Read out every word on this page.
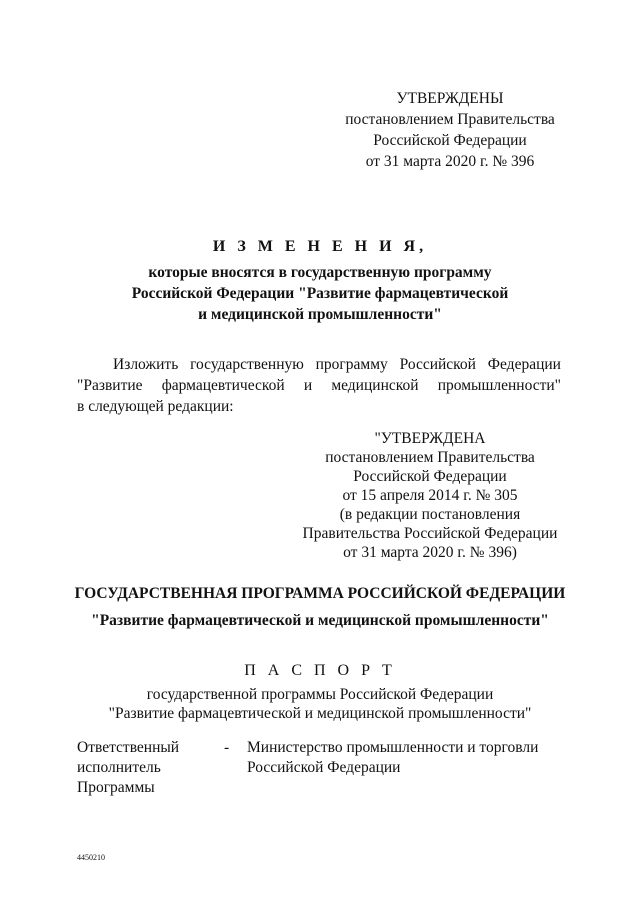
УТВЕРЖДЕНЫ
постановлением Правительства
Российской Федерации
от 31 марта 2020 г. № 396
И З М Е Н Е Н И Я,
которые вносятся в государственную программу
Российской Федерации "Развитие фармацевтической
и медицинской промышленности"
Изложить государственную программу Российской Федерации
"Развитие фармацевтической и медицинской промышленности"
в следующей редакции:
"УТВЕРЖДЕНА
постановлением Правительства
Российской Федерации
от 15 апреля 2014 г. № 305
(в редакции постановления
Правительства Российской Федерации
от 31 марта 2020 г. № 396)
ГОСУДАРСТВЕННАЯ ПРОГРАММА РОССИЙСКОЙ ФЕДЕРАЦИИ
"Развитие фармацевтической и медицинской промышленности"
П А С П О Р Т
государственной программы Российской Федерации
"Развитие фармацевтической и медицинской промышленности"
Ответственный
исполнитель
Программы
-	Министерство промышленности и торговли
Российской Федерации
4450210
